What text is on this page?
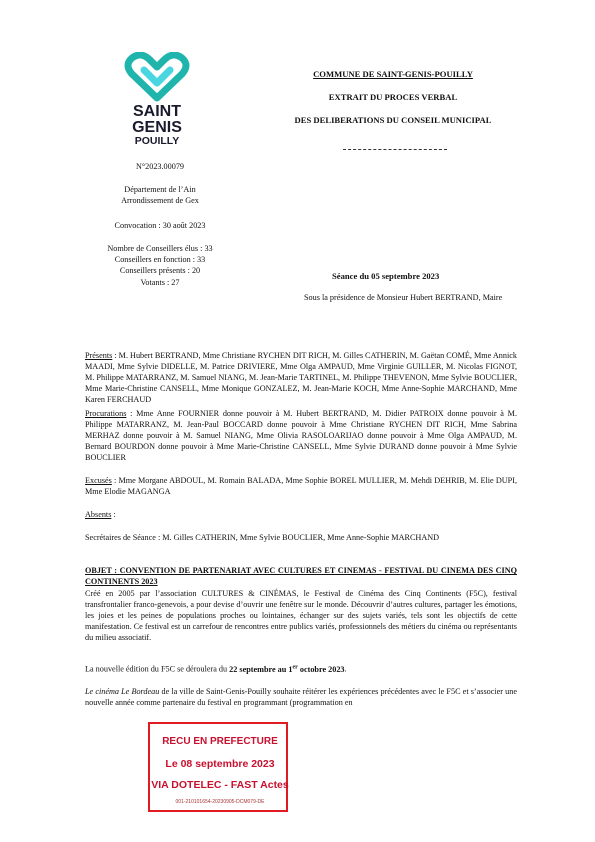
SAINT
GENIS
POUILLY
COMMUNE DE SAINT-GENIS-POUILLY
EXTRAIT DU PROCES VERBAL
DES DELIBERATIONS DU CONSEIL MUNICIPAL
N°2023.00079
Département de l’Ain
Arrondissement de Gex
Convocation : 30 août 2023
Nombre de Conseillers élus : 33
Conseillers en fonction : 33
Conseillers présents : 20
Votants : 27
Séance du 05 septembre 2023
Sous la présidence de Monsieur Hubert BERTRAND, Maire
Présents : M. Hubert BERTRAND, Mme Christiane RYCHEN DIT RICH, M. Gilles CATHERIN, M. Gaëtan COMÉ, Mme Annick MAADI, Mme Sylvie DIDELLE, M. Patrice DRIVIERE, Mme Olga AMPAUD, Mme Virginie GUILLER, M. Nicolas FIGNOT, M. Philippe MATARRANZ, M. Samuel NIANG, M. Jean-Marie TARTINEL, M. Philippe THEVENON, Mme Sylvie BOUCLIER, Mme Marie-Christine CANSELL, Mme Monique GONZALEZ, M. Jean-Marie KOCH, Mme Anne-Sophie MARCHAND, Mme Karen FERCHAUD
Procurations : Mme Anne FOURNIER donne pouvoir à M. Hubert BERTRAND, M. Didier PATROIX donne pouvoir à M. Philippe MATARRANZ, M. Jean-Paul BOCCARD donne pouvoir à Mme Christiane RYCHEN DIT RICH, Mme Sabrina MERHAZ donne pouvoir à M. Samuel NIANG, Mme Olivia RASOLOARIJAO donne pouvoir à Mme Olga AMPAUD, M. Bernard BOURDON donne pouvoir à Mme Marie-Christine CANSELL, Mme Sylvie DURAND donne pouvoir à Mme Sylvie BOUCLIER
Excusés : Mme Morgane ABDOUL, M. Romain BALADA, Mme Sophie BOREL MULLIER, M. Mehdi DEHRIB, M. Elie DUPI, Mme Elodie MAGANGA
Absents :
Secrétaires de Séance : M. Gilles CATHERIN, Mme Sylvie BOUCLIER, Mme Anne-Sophie MARCHAND
OBJET : CONVENTION DE PARTENARIAT AVEC CULTURES ET CINEMAS - FESTIVAL DU CINEMA DES CINQ CONTINENTS 2023
Créé en 2005 par l’association CULTURES & CINÉMAS, le Festival de Cinéma des Cinq Continents (F5C), festival transfrontalier franco-genevois, a pour devise d’ouvrir une fenêtre sur le monde. Découvrir d’autres cultures, partager les émotions, les joies et les peines de populations proches ou lointaines, échanger sur des sujets variés, tels sont les objectifs de cette manifestation. Ce festival est un carrefour de rencontres entre publics variés, professionnels des métiers du cinéma ou représentants du milieu associatif.
La nouvelle édition du F5C se déroulera du 22 septembre au 1er octobre 2023.
Le cinéma Le Bordeau de la ville de Saint-Genis-Pouilly souhaite réitérer les expériences précédentes avec le F5C et s’associer une nouvelle année comme partenaire du festival en programmant (programmation en
RECU EN PREFECTURE
Le 08 septembre 2023
VIA DOTELEC - FAST Actes
001-210101654-20230905-DCM079-DE
